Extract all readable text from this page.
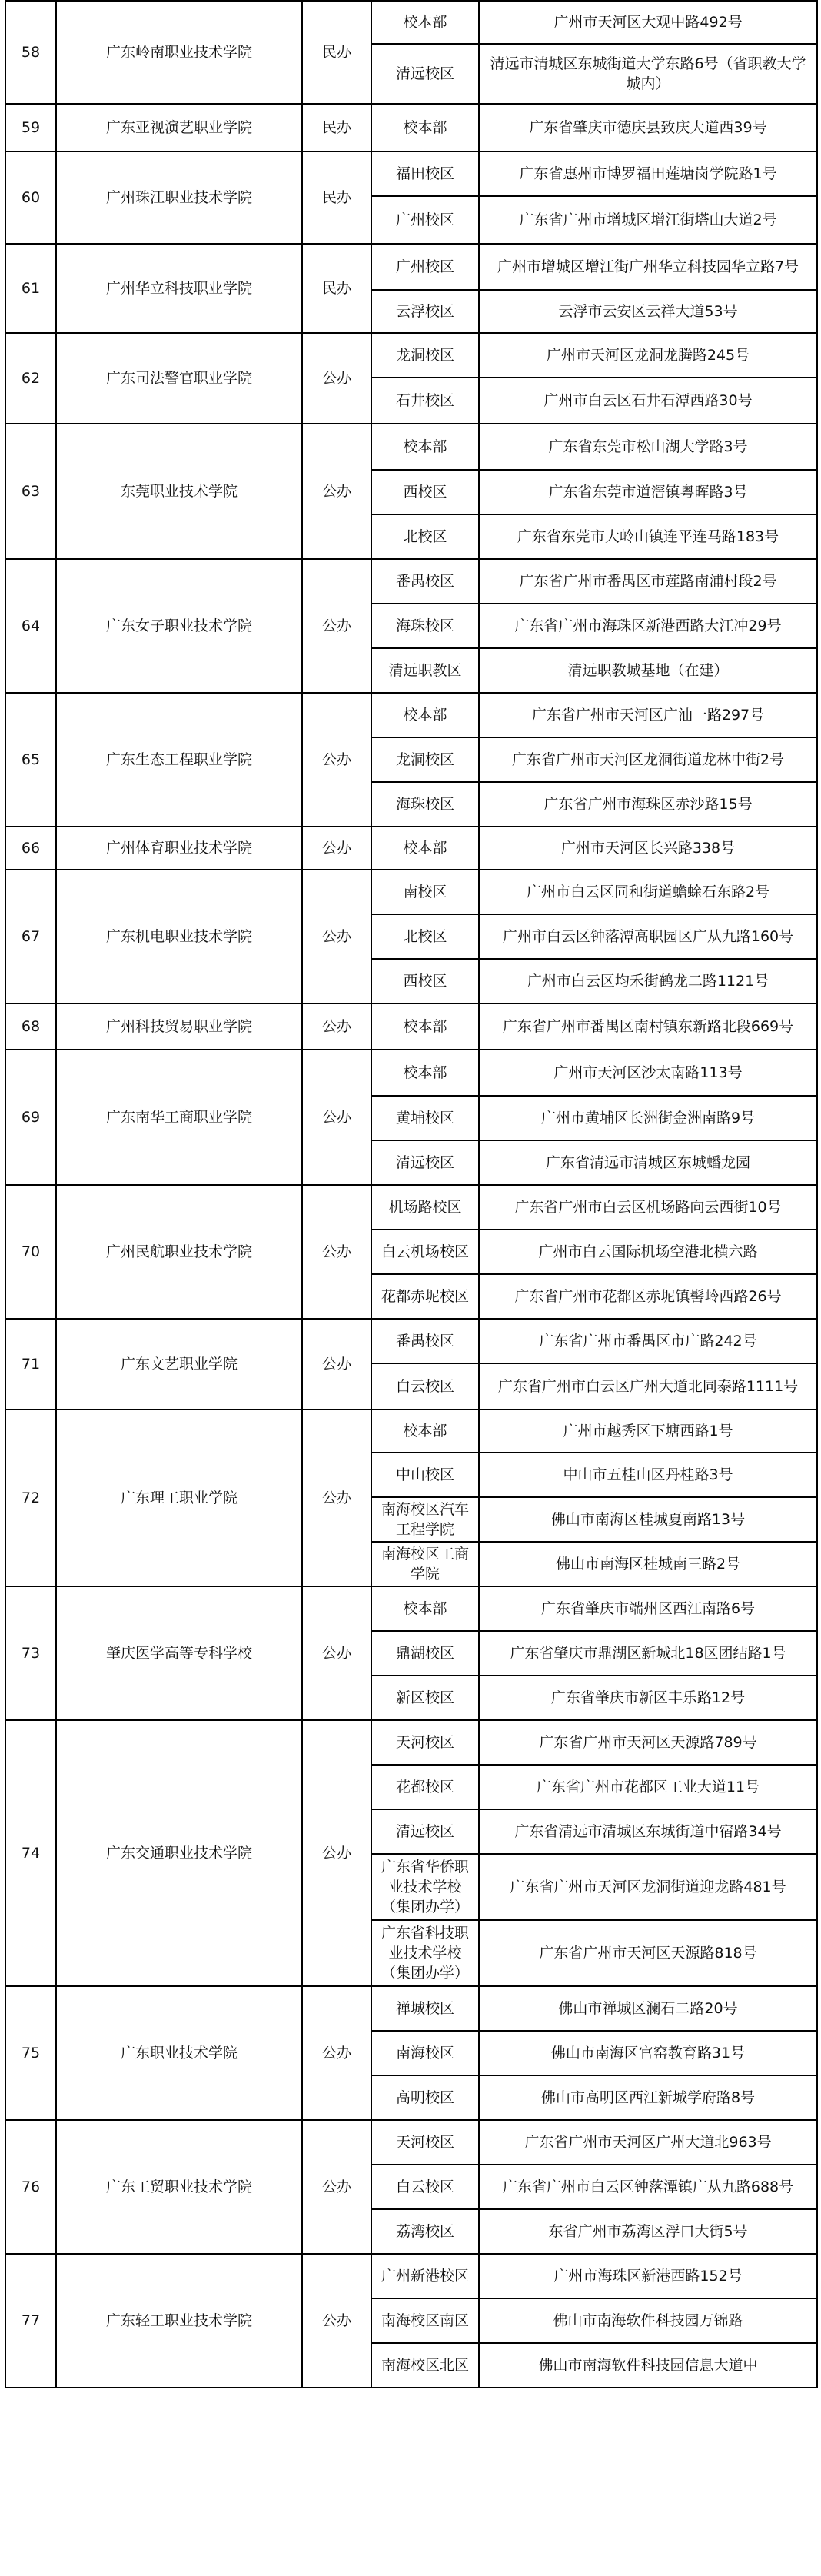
58	广东岭南职业技术学院	民办	校本部	广州市天河区大观中路492号
			清远校区	清远市清城区东城街道大学东路6号（省职教大学城内）
59	广东亚视演艺职业学院	民办	校本部	广东省肇庆市德庆县致庆大道西39号
60	广州珠江职业技术学院	民办	福田校区	广东省惠州市博罗福田莲塘岗学院路1号
			广州校区	广东省广州市增城区增江街塔山大道2号
61	广州华立科技职业学院	民办	广州校区	广州市增城区增江街广州华立科技园华立路7号
			云浮校区	云浮市云安区云祥大道53号
62	广东司法警官职业学院	公办	龙洞校区	广州市天河区龙洞龙腾路245号
			石井校区	广州市白云区石井石潭西路30号
63	东莞职业技术学院	公办	校本部	广东省东莞市松山湖大学路3号
			西校区	广东省东莞市道滘镇粤晖路3号
			北校区	广东省东莞市大岭山镇连平连马路183号
64	广东女子职业技术学院	公办	番禺校区	广东省广州市番禺区市莲路南浦村段2号
			海珠校区	广东省广州市海珠区新港西路大江冲29号
			清远职教区	清远职教城基地（在建）
65	广东生态工程职业学院	公办	校本部	广东省广州市天河区广汕一路297号
			龙洞校区	广东省广州市天河区龙洞街道龙林中街2号
			海珠校区	广东省广州市海珠区赤沙路15号
66	广州体育职业技术学院	公办	校本部	广州市天河区长兴路338号
67	广东机电职业技术学院	公办	南校区	广州市白云区同和街道蟾蜍石东路2号
			北校区	广州市白云区钟落潭高职园区广从九路160号
			西校区	广州市白云区均禾街鹤龙二路1121号
68	广州科技贸易职业学院	公办	校本部	广东省广州市番禺区南村镇东新路北段669号
69	广东南华工商职业学院	公办	校本部	广州市天河区沙太南路113号
			黄埔校区	广州市黄埔区长洲街金洲南路9号
			清远校区	广东省清远市清城区东城蟠龙园
70	广州民航职业技术学院	公办	机场路校区	广东省广州市白云区机场路向云西街10号
			白云机场校区	广州市白云国际机场空港北横六路
			花都赤坭校区	广东省广州市花都区赤坭镇髻岭西路26号
71	广东文艺职业学院	公办	番禺校区	广东省广州市番禺区市广路242号
			白云校区	广东省广州市白云区广州大道北同泰路1111号
72	广东理工职业学院	公办	校本部	广州市越秀区下塘西路1号
			中山校区	中山市五桂山区丹桂路3号
			南海校区汽车工程学院	佛山市南海区桂城夏南路13号
			南海校区工商学院	佛山市南海区桂城南三路2号
73	肇庆医学高等专科学校	公办	校本部	广东省肇庆市端州区西江南路6号
			鼎湖校区	广东省肇庆市鼎湖区新城北18区团结路1号
			新区校区	广东省肇庆市新区丰乐路12号
74	广东交通职业技术学院	公办	天河校区	广东省广州市天河区天源路789号
			花都校区	广东省广州市花都区工业大道11号
			清远校区	广东省清远市清城区东城街道中宿路34号
			广东省华侨职业技术学校（集团办学）	广东省广州市天河区龙洞街道迎龙路481号
			广东省科技职业技术学校（集团办学）	广东省广州市天河区天源路818号
75	广东职业技术学院	公办	禅城校区	佛山市禅城区澜石二路20号
			南海校区	佛山市南海区官窑教育路31号
			高明校区	佛山市高明区西江新城学府路8号
76	广东工贸职业技术学院	公办	天河校区	广东省广州市天河区广州大道北963号
			白云校区	广东省广州市白云区钟落潭镇广从九路688号
			荔湾校区	东省广州市荔湾区浮口大街5号
77	广东轻工职业技术学院	公办	广州新港校区	广州市海珠区新港西路152号
			南海校区南区	佛山市南海软件科技园万锦路
			南海校区北区	佛山市南海软件科技园信息大道中
